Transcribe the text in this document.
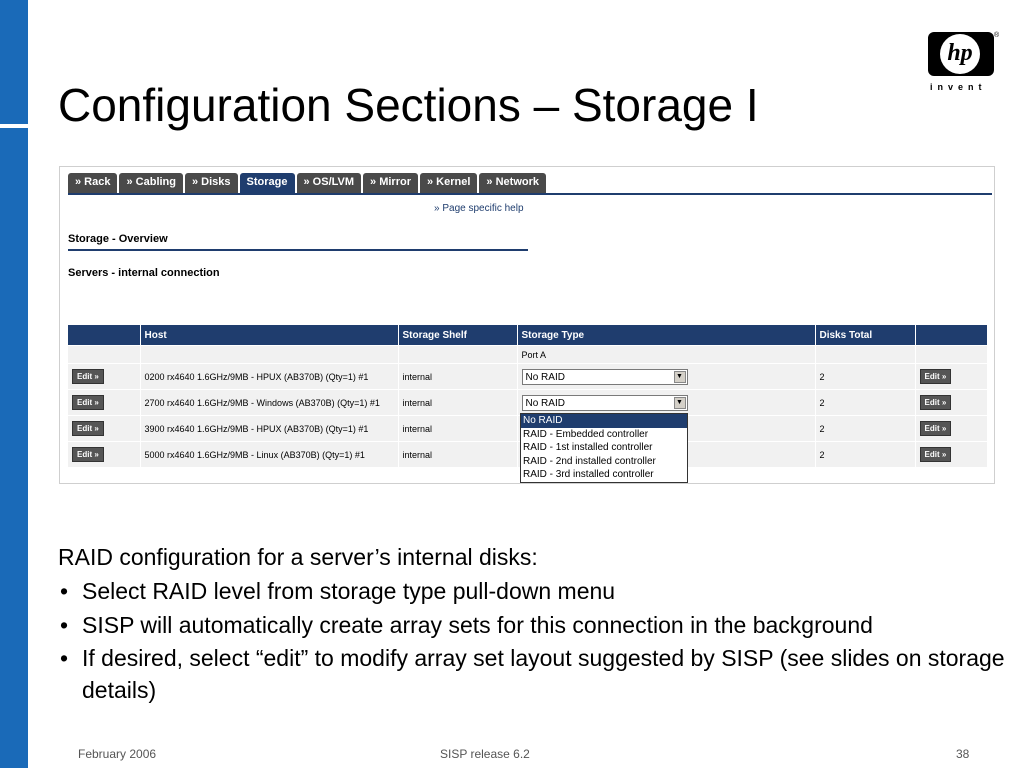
hp
®
invent
Configuration Sections – Storage I
» Rack	» Cabling	» Disks	Storage	» OS/LVM	» Mirror	» Kernel	» Network
» Page specific help
Storage - Overview
Servers - internal connection
	Host	Storage Shelf	Storage Type	Disks Total	
			Port A		
Edit »	0200 rx4640 1.6GHz/9MB - HPUX (AB370B) (Qty=1) #1	internal	No RAID ▼	2	Edit »
Edit »	2700 rx4640 1.6GHz/9MB - Windows (AB370B) (Qty=1) #1	internal	No RAID ▼	2	Edit »
Edit »	3900 rx4640 1.6GHz/9MB - HPUX (AB370B) (Qty=1) #1	internal		2	Edit »
Edit »	5000 rx4640 1.6GHz/9MB - Linux (AB370B) (Qty=1) #1	internal		2	Edit »
No RAID
RAID - Embedded controller
RAID - 1st installed controller
RAID - 2nd installed controller
RAID - 3rd installed controller

RAID configuration for a server’s internal disks:

• Select RAID level from storage type pull-down menu
• SISP will automatically create array sets for this connection in the background
• If desired, select “edit” to modify array set layout suggested by SISP (see slides on storage details)
February 2006	SISP release 6.2	38
